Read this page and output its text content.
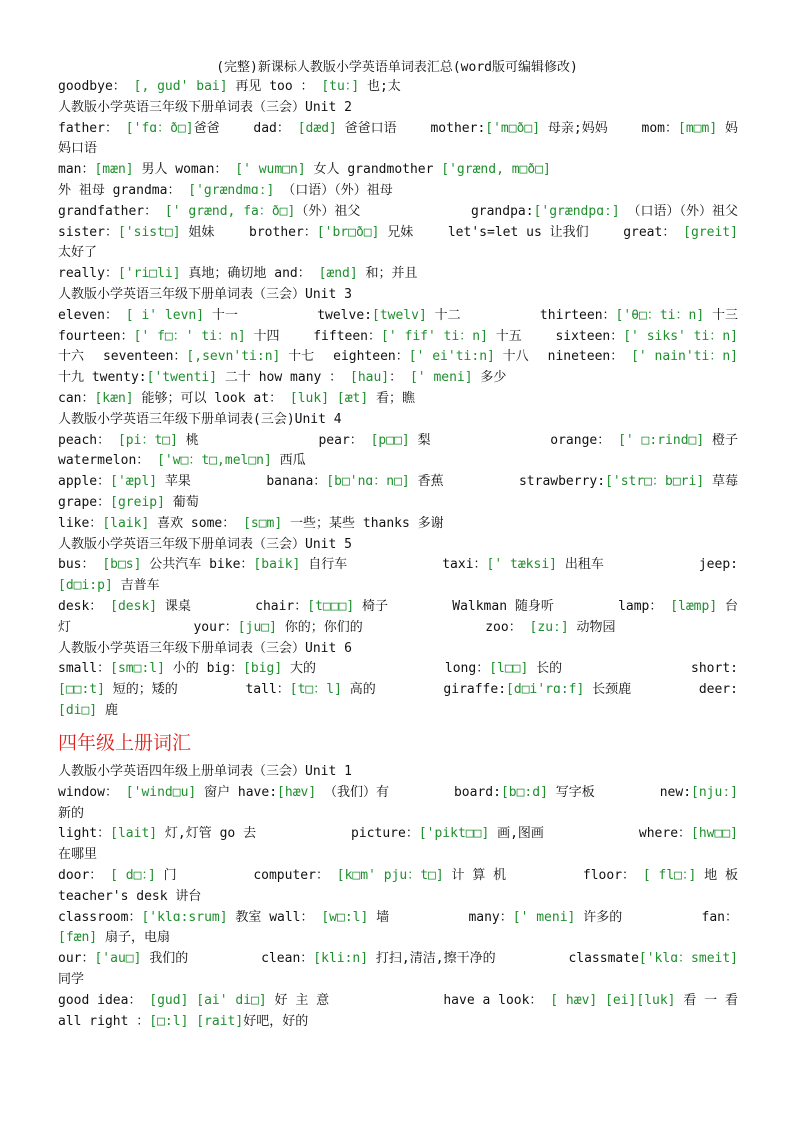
(完整)新课标人教版小学英语单词表汇总(word版可编辑修改)
goodbye： [, gud' bai] 再见 too ： [tu：] 也;太
人教版小学英语三年级下册单词表（三会）Unit 2
father： ['fɑ：ð□]爸爸	dad： [dæd] 爸爸口语	mother:['m□ð□] 母亲;妈妈	mom：[m□m] 妈
妈口语
man：[mæn] 男人 woman： [' wum□n] 女人 grandmother ['grænd, m□ð□]
外 祖母 grandma： ['grændmɑː] （口语）（外）祖母
grandfather： [' grænd, fa：ð□]（外）祖父	grandpa:['grændpɑː] （口语）（外）祖父
sister：['sist□] 姐妹	brother：['br□ð□] 兄妹	let's=let us 让我们	great： [greit]
太好了
really：['ri□li] 真地；确切地 and： [ænd] 和；并且
人教版小学英语三年级下册单词表（三会）Unit 3
eleven： [ i' levn] 十一	twelve:[twelv] 十二	thirteen：['θ□：ti：n] 十三
fourteen：[' f□：' ti：n] 十四	fifteen：[' fif' ti：n] 十五	sixteen：[' siks' ti：n]
十六 seventeen：[,sevn'ti:n] 十七 eighteen：[' ei'ti:n] 十八 nineteen： [' nain'ti：n]
十九 twenty:['twenti] 二十 how many ： [hau]： [' meni] 多少
can：[kæn] 能够；可以 look at： [luk] [æt] 看；瞧
人教版小学英语三年级下册单词表(三会)Unit 4
peach： [pi：t□] 桃	pear： [p□□] 梨	orange： [' □:rind□] 橙子
watermelon： ['w□：t□,mel□n] 西瓜
apple：['æpl] 苹果	banana：[b□'nɑ：n□] 香蕉	strawberry:['str□：b□ri] 草莓
grape：[greip] 葡萄
like：[laik] 喜欢 some： [s□m] 一些；某些 thanks 多谢
人教版小学英语三年级下册单词表（三会）Unit 5
bus： [b□s] 公共汽车 bike：[baik] 自行车	taxi：[' tæksi] 出租车	jeep:
[d□i:p] 吉普车
desk： [desk] 课桌	chair：[t□□□] 椅子	Walkman 随身听	lamp： [læmp] 台
灯	your：[ju□] 你的；你们的	zoo： [zuː] 动物园
人教版小学英语三年级下册单词表（三会）Unit 6
small：[sm□:l] 小的 big：[big] 大的	long：[l□□] 长的	short:
[□□:t] 短的；矮的	tall：[t□：l] 高的	giraffe:[d□i'rɑ:f] 长颈鹿	deer:
[di□] 鹿
四年级上册词汇
人教版小学英语四年级上册单词表（三会）Unit 1
window： ['wind□u] 窗户 have:[hæv] （我们）有	board:[b□:d] 写字板	new:[njuː]
新的
light：[lait] 灯,灯管 go 去	picture：['pikt□□] 画,图画	where：[hw□□]
在哪里
door： [ d□：] 门	computer： [k□m' pju：t□] 计 算 机	floor： [ fl□：] 地 板
teacher's desk 讲台
classroom：['klɑ:srum] 教室 wall： [w□:l] 墙	many：[' meni] 许多的	fan：
[fæn] 扇子，电扇
our：['au□] 我们的	clean：[kli:n] 打扫,清洁,擦干净的	classmate['klɑ：smeit]
同学
good idea： [gud] [ai' di□] 好 主 意	have a look： [ hæv] [ei][luk] 看 一 看
all right ：[□:l] [rait]好吧，好的
